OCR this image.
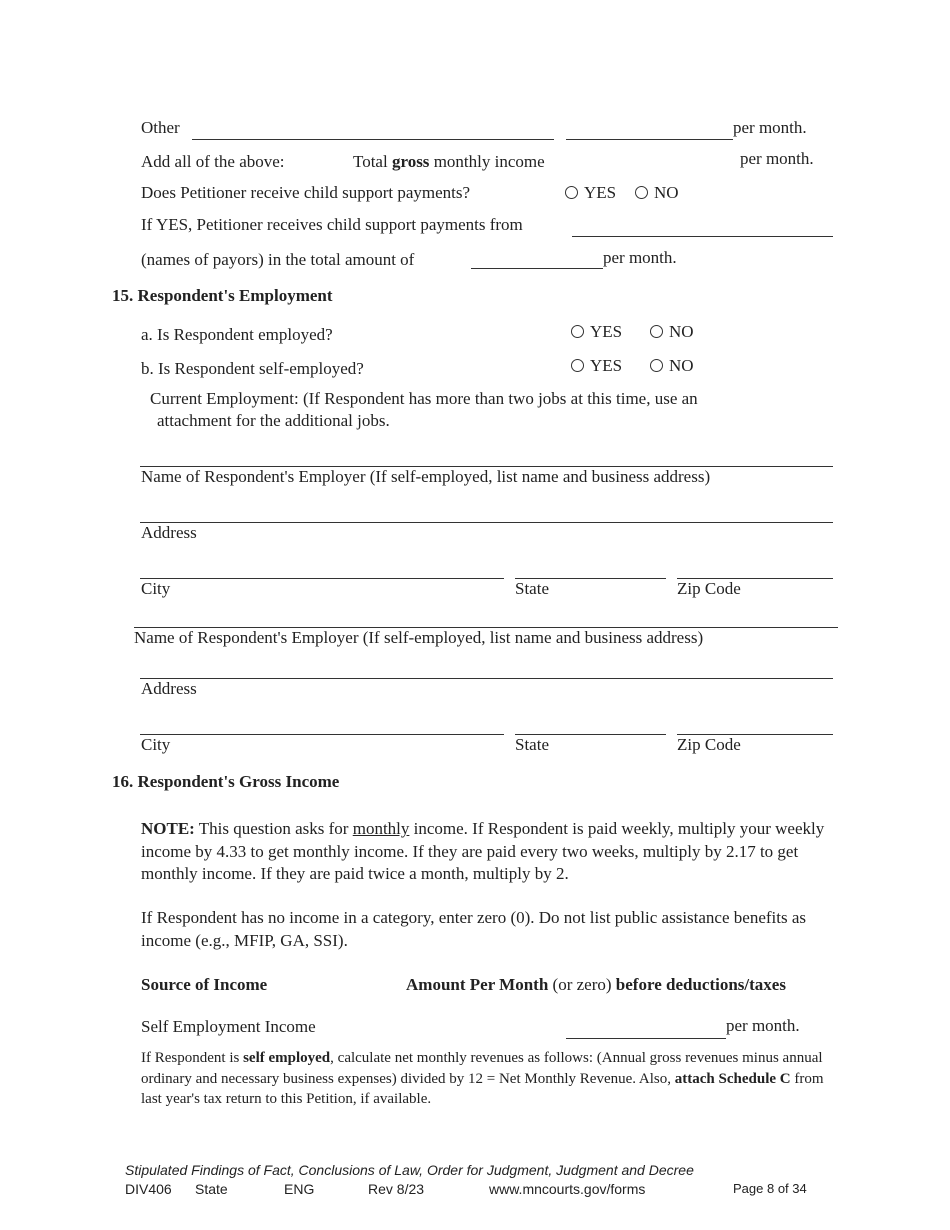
Other	per month.
Add all of the above:	Total gross monthly income	per month.
Does Petitioner receive child support payments?	YES	NO
If YES, Petitioner receives child support payments from
(names of payors) in the total amount of	per month.
15. Respondent's Employment
a. Is Respondent employed?	YES	NO
b. Is Respondent self-employed?	YES	NO
Current Employment: (If Respondent has more than two jobs at this time, use an
attachment for the additional jobs.
Name of Respondent's Employer (If self-employed, list name and business address)
Address
City	State	Zip Code
Name of Respondent's Employer (If self-employed, list name and business address)
Address
City	State	Zip Code
16. Respondent's Gross Income
NOTE: This question asks for monthly income. If Respondent is paid weekly, multiply your weekly income by 4.33 to get monthly income. If they are paid every two weeks, multiply by 2.17 to get monthly income. If they are paid twice a month, multiply by 2.
If Respondent has no income in a category, enter zero (0). Do not list public assistance benefits as income (e.g., MFIP, GA, SSI).
Source of Income	Amount Per Month (or zero) before deductions/taxes
Self Employment Income	per month.
If Respondent is self employed, calculate net monthly revenues as follows: (Annual gross revenues minus annual ordinary and necessary business expenses) divided by 12 = Net Monthly Revenue. Also, attach Schedule C from last year's tax return to this Petition, if available.
Stipulated Findings of Fact, Conclusions of Law, Order for Judgment, Judgment and Decree
DIV406 State	ENG	Rev 8/23	www.mncourts.gov/forms	Page 8 of 34
